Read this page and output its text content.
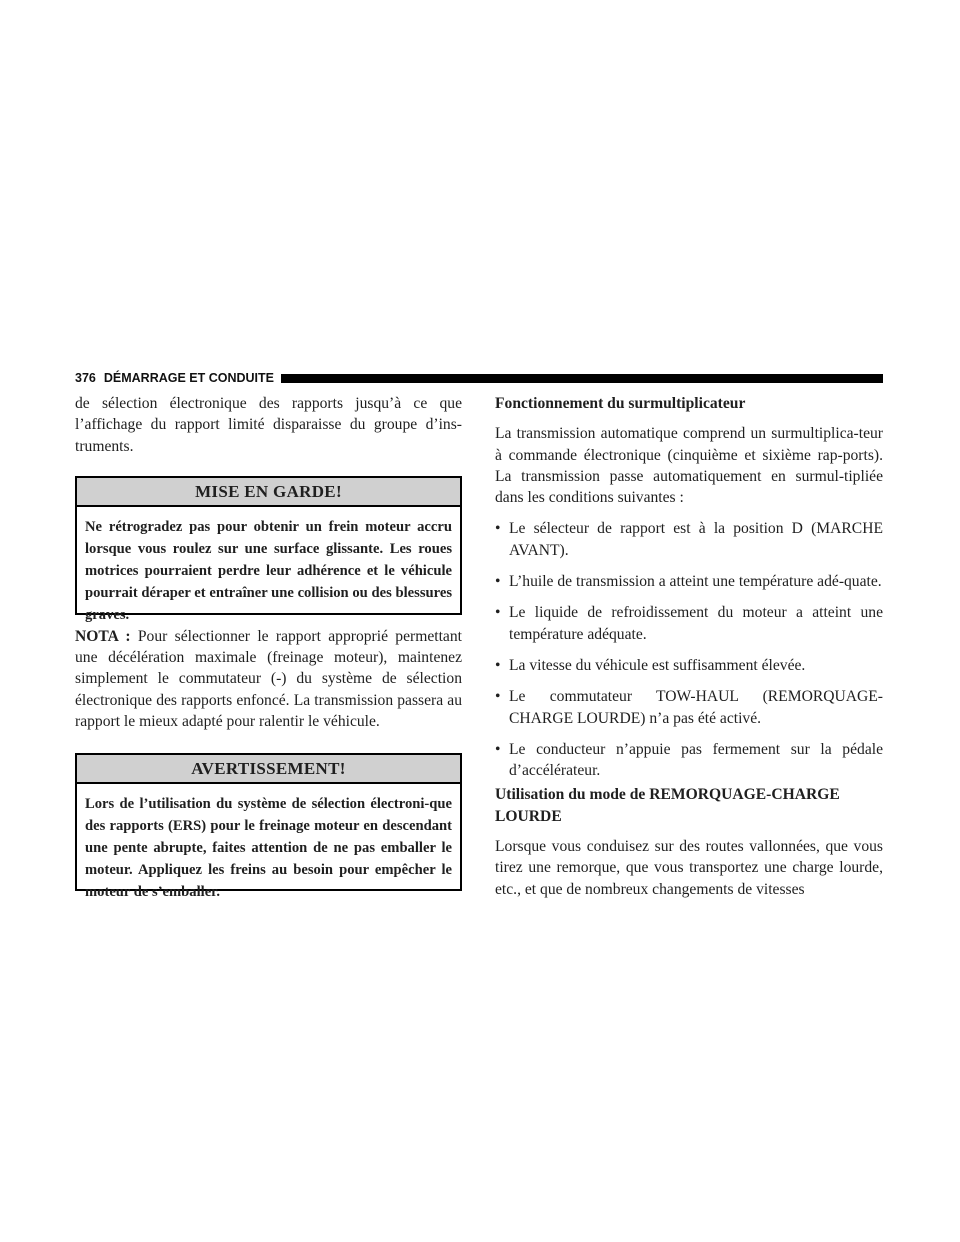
376 DÉMARRAGE ET CONDUITE

de sélection électronique des rapports jusqu’à ce que l’affichage du rapport limité disparaisse du groupe d’ins-truments.

MISE EN GARDE!
Ne rétrogradez pas pour obtenir un frein moteur accru lorsque vous roulez sur une surface glissante. Les roues motrices pourraient perdre leur adhérence et le véhicule pourrait déraper et entraîner une collision ou des blessures graves.

NOTA : Pour sélectionner le rapport approprié permettant une décélération maximale (freinage moteur), maintenez simplement le commutateur (-) du système de sélection électronique des rapports enfoncé. La transmission passera au rapport le mieux adapté pour ralentir le véhicule.

AVERTISSEMENT!
Lors de l’utilisation du système de sélection électroni-que des rapports (ERS) pour le freinage moteur en descendant une pente abrupte, faites attention de ne pas emballer le moteur. Appliquez les freins au besoin pour empêcher le moteur de s’emballer.
Fonctionnement du surmultiplicateur

La transmission automatique comprend un surmultiplica-teur à commande électronique (cinquième et sixième rap-ports). La transmission passe automatiquement en surmul-tipliée dans les conditions suivantes :

• Le sélecteur de rapport est à la position D (MARCHE AVANT).
• L’huile de transmission a atteint une température adé-quate.
• Le liquide de refroidissement du moteur a atteint une température adéquate.
• La vitesse du véhicule est suffisamment élevée.
• Le commutateur TOW-HAUL (REMORQUAGE-CHARGE LOURDE) n’a pas été activé.
• Le conducteur n’appuie pas fermement sur la pédale d’accélérateur.
Utilisation du mode de REMORQUAGE-CHARGE LOURDE

Lorsque vous conduisez sur des routes vallonnées, que vous tirez une remorque, que vous transportez une charge lourde, etc., et que de nombreux changements de vitesses
